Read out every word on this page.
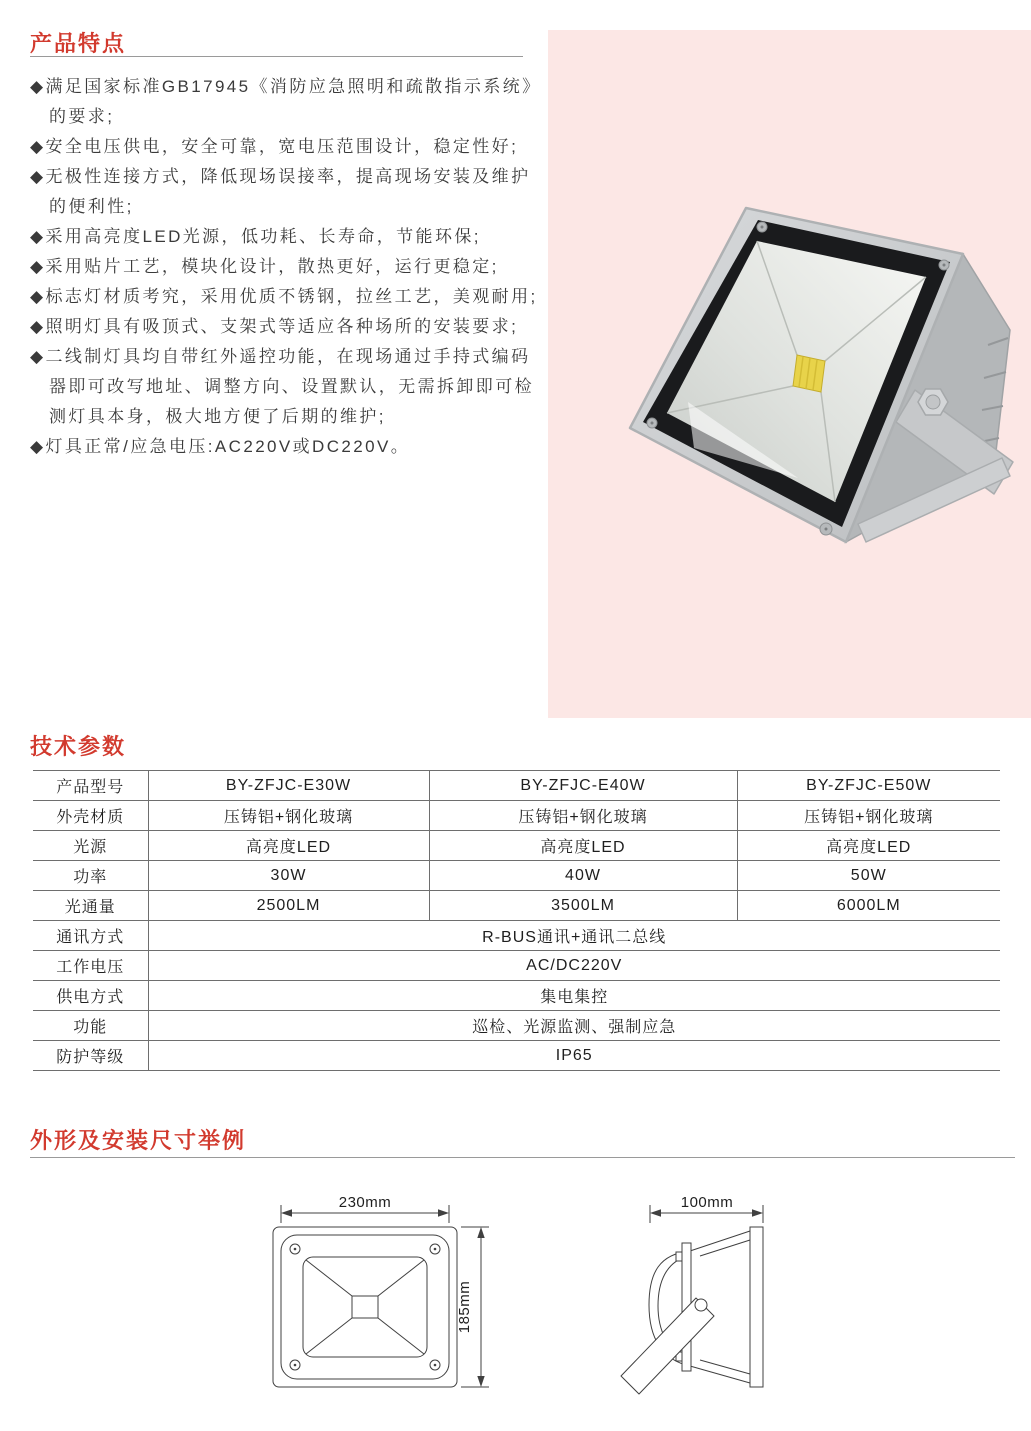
产品特点
◆满足国家标准GB17945《消防应急照明和疏散指示系统》的要求;
◆安全电压供电，安全可靠，宽电压范围设计，稳定性好;
◆无极性连接方式，降低现场误接率，提高现场安装及维护的便利性;
◆采用高亮度LED光源，低功耗、长寿命，节能环保;
◆采用贴片工艺，模块化设计，散热更好，运行更稳定;
◆标志灯材质考究，采用优质不锈钢，拉丝工艺，美观耐用;
◆照明灯具有吸顶式、支架式等适应各种场所的安装要求;
◆二线制灯具均自带红外遥控功能，在现场通过手持式编码器即可改写地址、调整方向、设置默认，无需拆卸即可检测灯具本身，极大地方便了后期的维护;
◆灯具正常/应急电压:AC220V或DC220V。
技术参数
产品型号	BY-ZFJC-E30W	BY-ZFJC-E40W	BY-ZFJC-E50W
外壳材质	压铸铝+钢化玻璃	压铸铝+钢化玻璃	压铸铝+钢化玻璃
光源	高亮度LED	高亮度LED	高亮度LED
功率	30W	40W	50W
光通量	2500LM	3500LM	6000LM
通讯方式	R-BUS通讯+通讯二总线		
工作电压	AC/DC220V		
供电方式	集电集控		
功能	巡检、光源监测、强制应急		
防护等级	IP65		
外形及安装尺寸举例
230mm
185mm
100mm
